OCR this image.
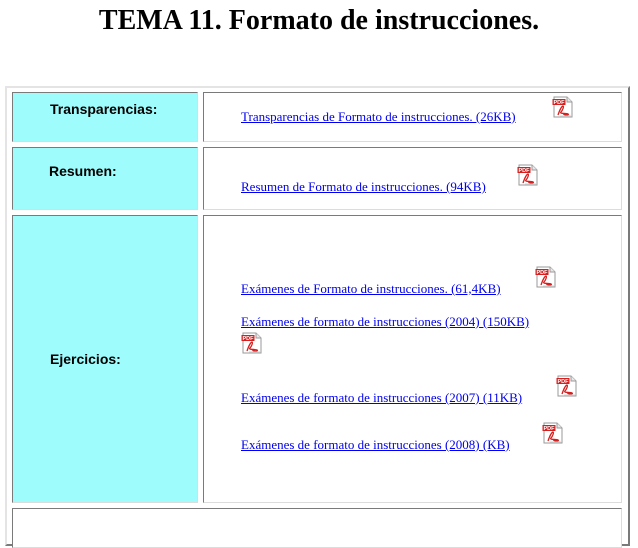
TEMA 11. Formato de instrucciones.
Transparencias:	Transparencias de Formato de instrucciones. (26KB)
Resumen:
Resumen de Formato de instrucciones. (94KB)
Ejercicios:
Exámenes de Formato de instrucciones. (61,4KB)
Exámenes de formato de instrucciones (2004) (150KB)
Exámenes de formato de instrucciones (2007) (11KB)
Exámenes de formato de instrucciones (2008) (KB)
